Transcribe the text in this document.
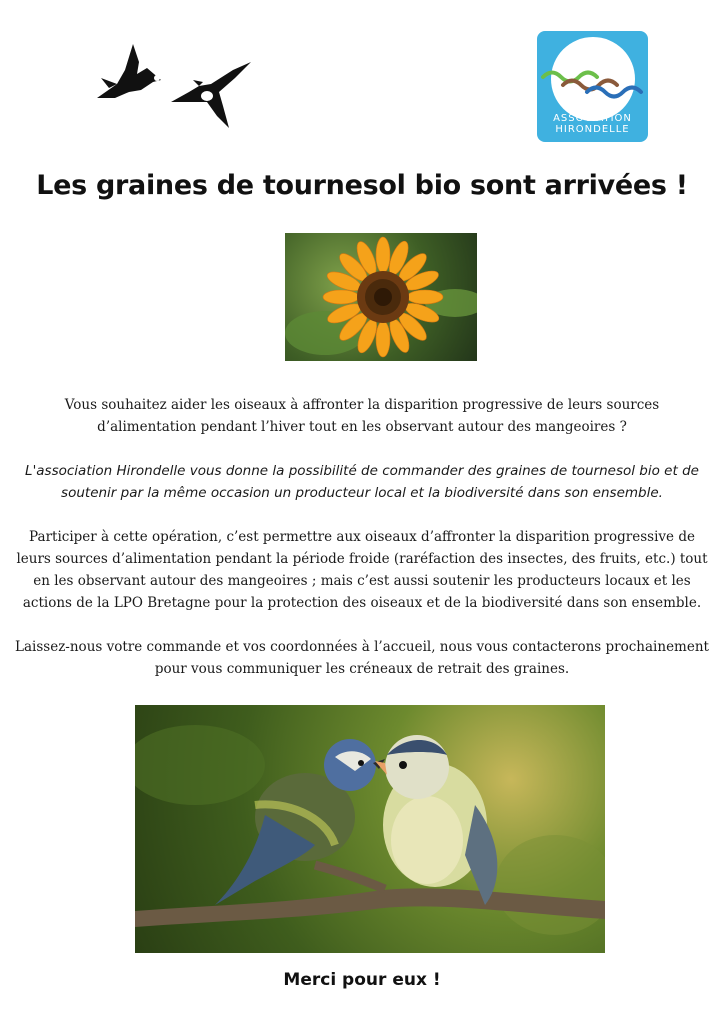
ASSOCIATION
HIRONDELLE
Les graines de tournesol bio sont arrivées !

Vous souhaitez aider les oiseaux à affronter la disparition progressive de leurs sources d’alimentation pendant l’hiver tout en les observant autour des mangeoires ?

L'association Hirondelle vous donne la possibilité de commander des graines de tournesol bio et de soutenir par la même occasion un producteur local et la biodiversité dans son ensemble.

Participer à cette opération, c’est permettre aux oiseaux d’affronter la disparition progressive de leurs sources d’alimentation pendant la période froide (raréfaction des insectes, des fruits, etc.) tout en les observant autour des mangeoires ; mais c’est aussi soutenir les producteurs locaux et les actions de la LPO Bretagne pour la protection des oiseaux et de la biodiversité dans son ensemble.

Laissez-nous votre commande et vos coordonnées à l’accueil, nous vous contacterons prochainement pour vous communiquer les créneaux de retrait des graines.

Merci pour eux !
